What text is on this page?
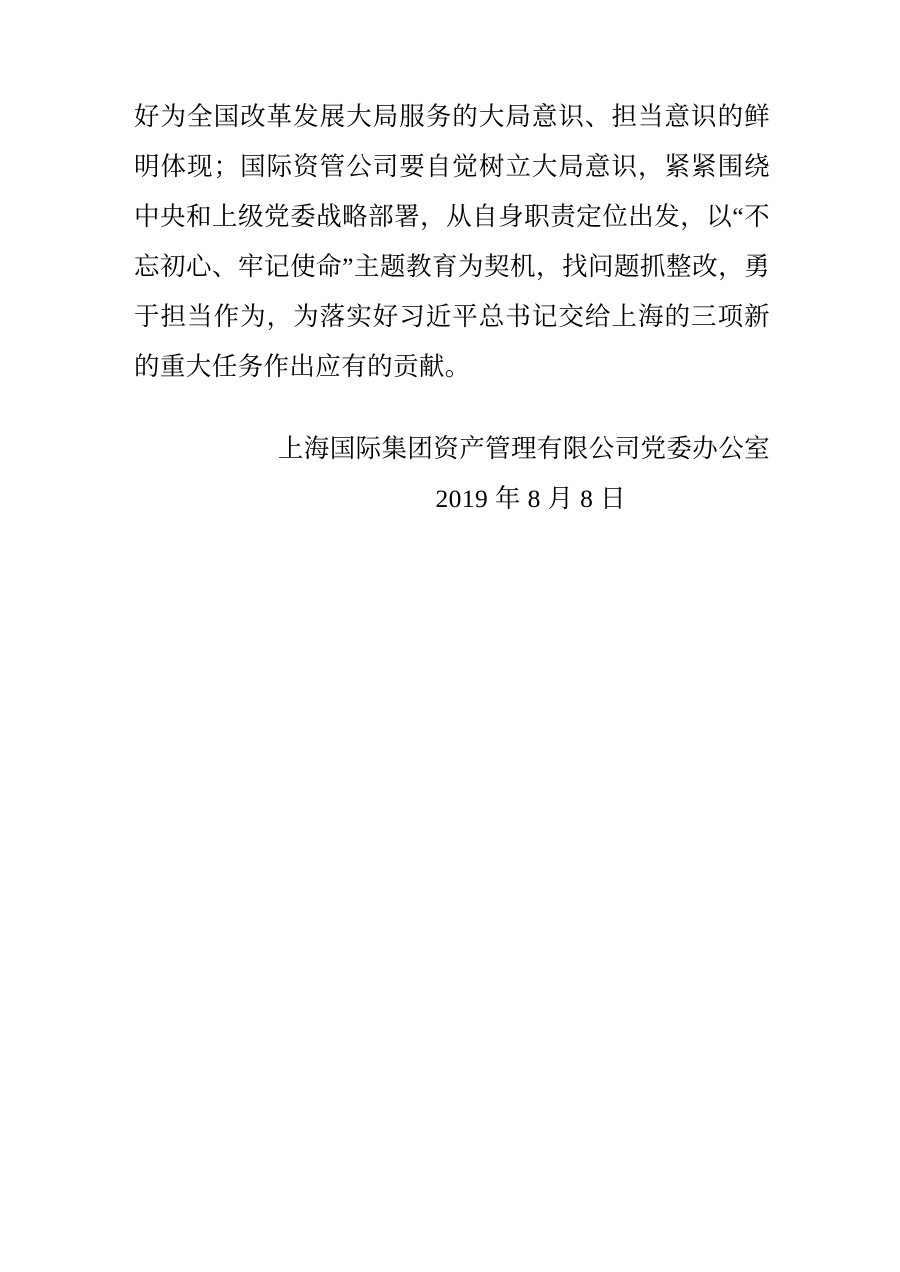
好为全国改革发展大局服务的大局意识、担当意识的鲜明体现；国际资管公司要自觉树立大局意识，紧紧围绕中央和上级党委战略部署，从自身职责定位出发，以“不忘初心、牢记使命”主题教育为契机，找问题抓整改，勇于担当作为，为落实好习近平总书记交给上海的三项新的重大任务作出应有的贡献。

上海国际集团资产管理有限公司党委办公室

2019 年 8 月 8 日
